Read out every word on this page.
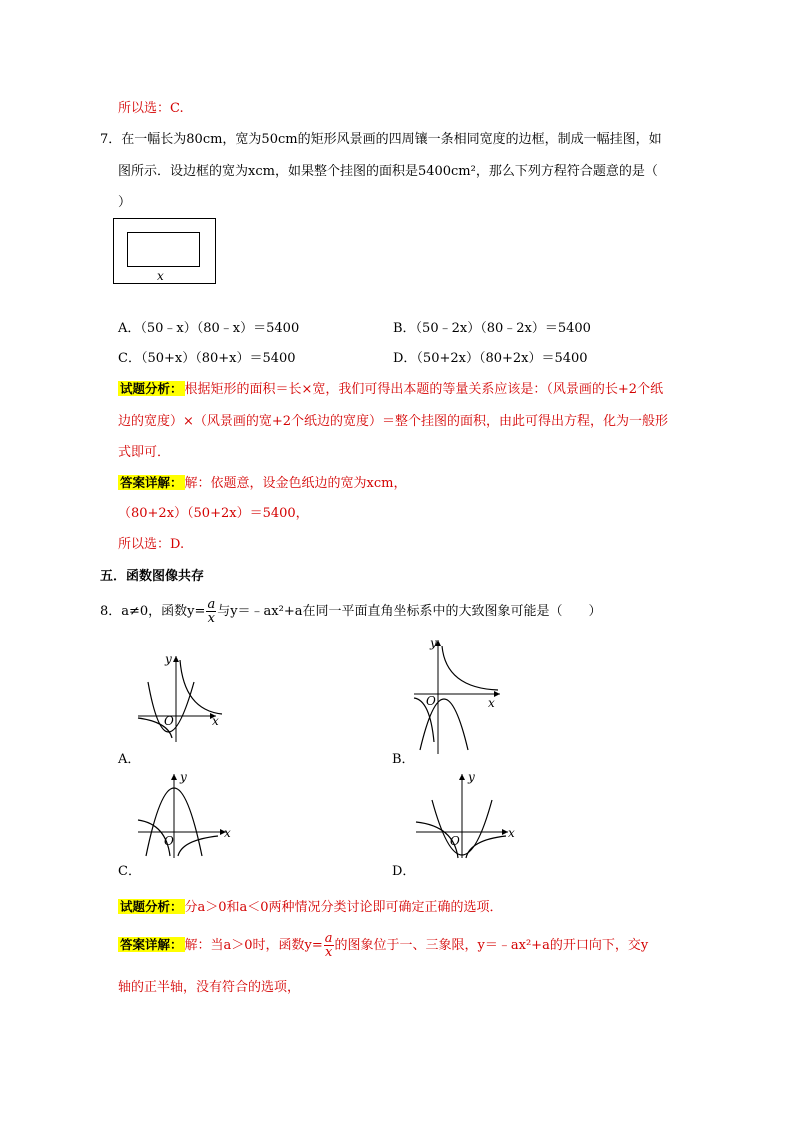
所以选：C.
7．在一幅长为80cm，宽为50cm的矩形风景画的四周镶一条相同宽度的边框，制成一幅挂图，如
图所示．设边框的宽为xcm，如果整个挂图的面积是5400cm²，那么下列方程符合题意的是（
）
x
A．（50﹣x）（80﹣x）＝5400	B．（50﹣2x）（80﹣2x）＝5400
C．（50+x）（80+x）＝5400	D．（50+2x）（80+2x）＝5400
试题分析： 根据矩形的面积＝长×宽，我们可得出本题的等量关系应该是：（风景画的长+2个纸
边的宽度）×（风景画的宽+2个纸边的宽度）＝整个挂图的面积，由此可得出方程，化为一般形
式即可．
答案详解： 解：依题意，设金色纸边的宽为xcm，
（80+2x）（50+2x）＝5400，
所以选：D.
五．函数图像共存
8．a≠0，函数$y= \frac{a}{x}$ 与y＝﹣ax²+a在同一平面直角坐标系中的大致图象可能是（　　）
y
x
O
A．
y
x
O
B．
y
x
O
C．
y
x
O
D．
试题分析： 分a＞0和a＜0两种情况分类讨论即可确定正确的选项．
答案详解： 解：当a＞0时，函数$y= \frac{a}{x}$ 的图象位于一、三象限，y＝﹣ax²+a的开口向下，交y
轴的正半轴，没有符合的选项，
